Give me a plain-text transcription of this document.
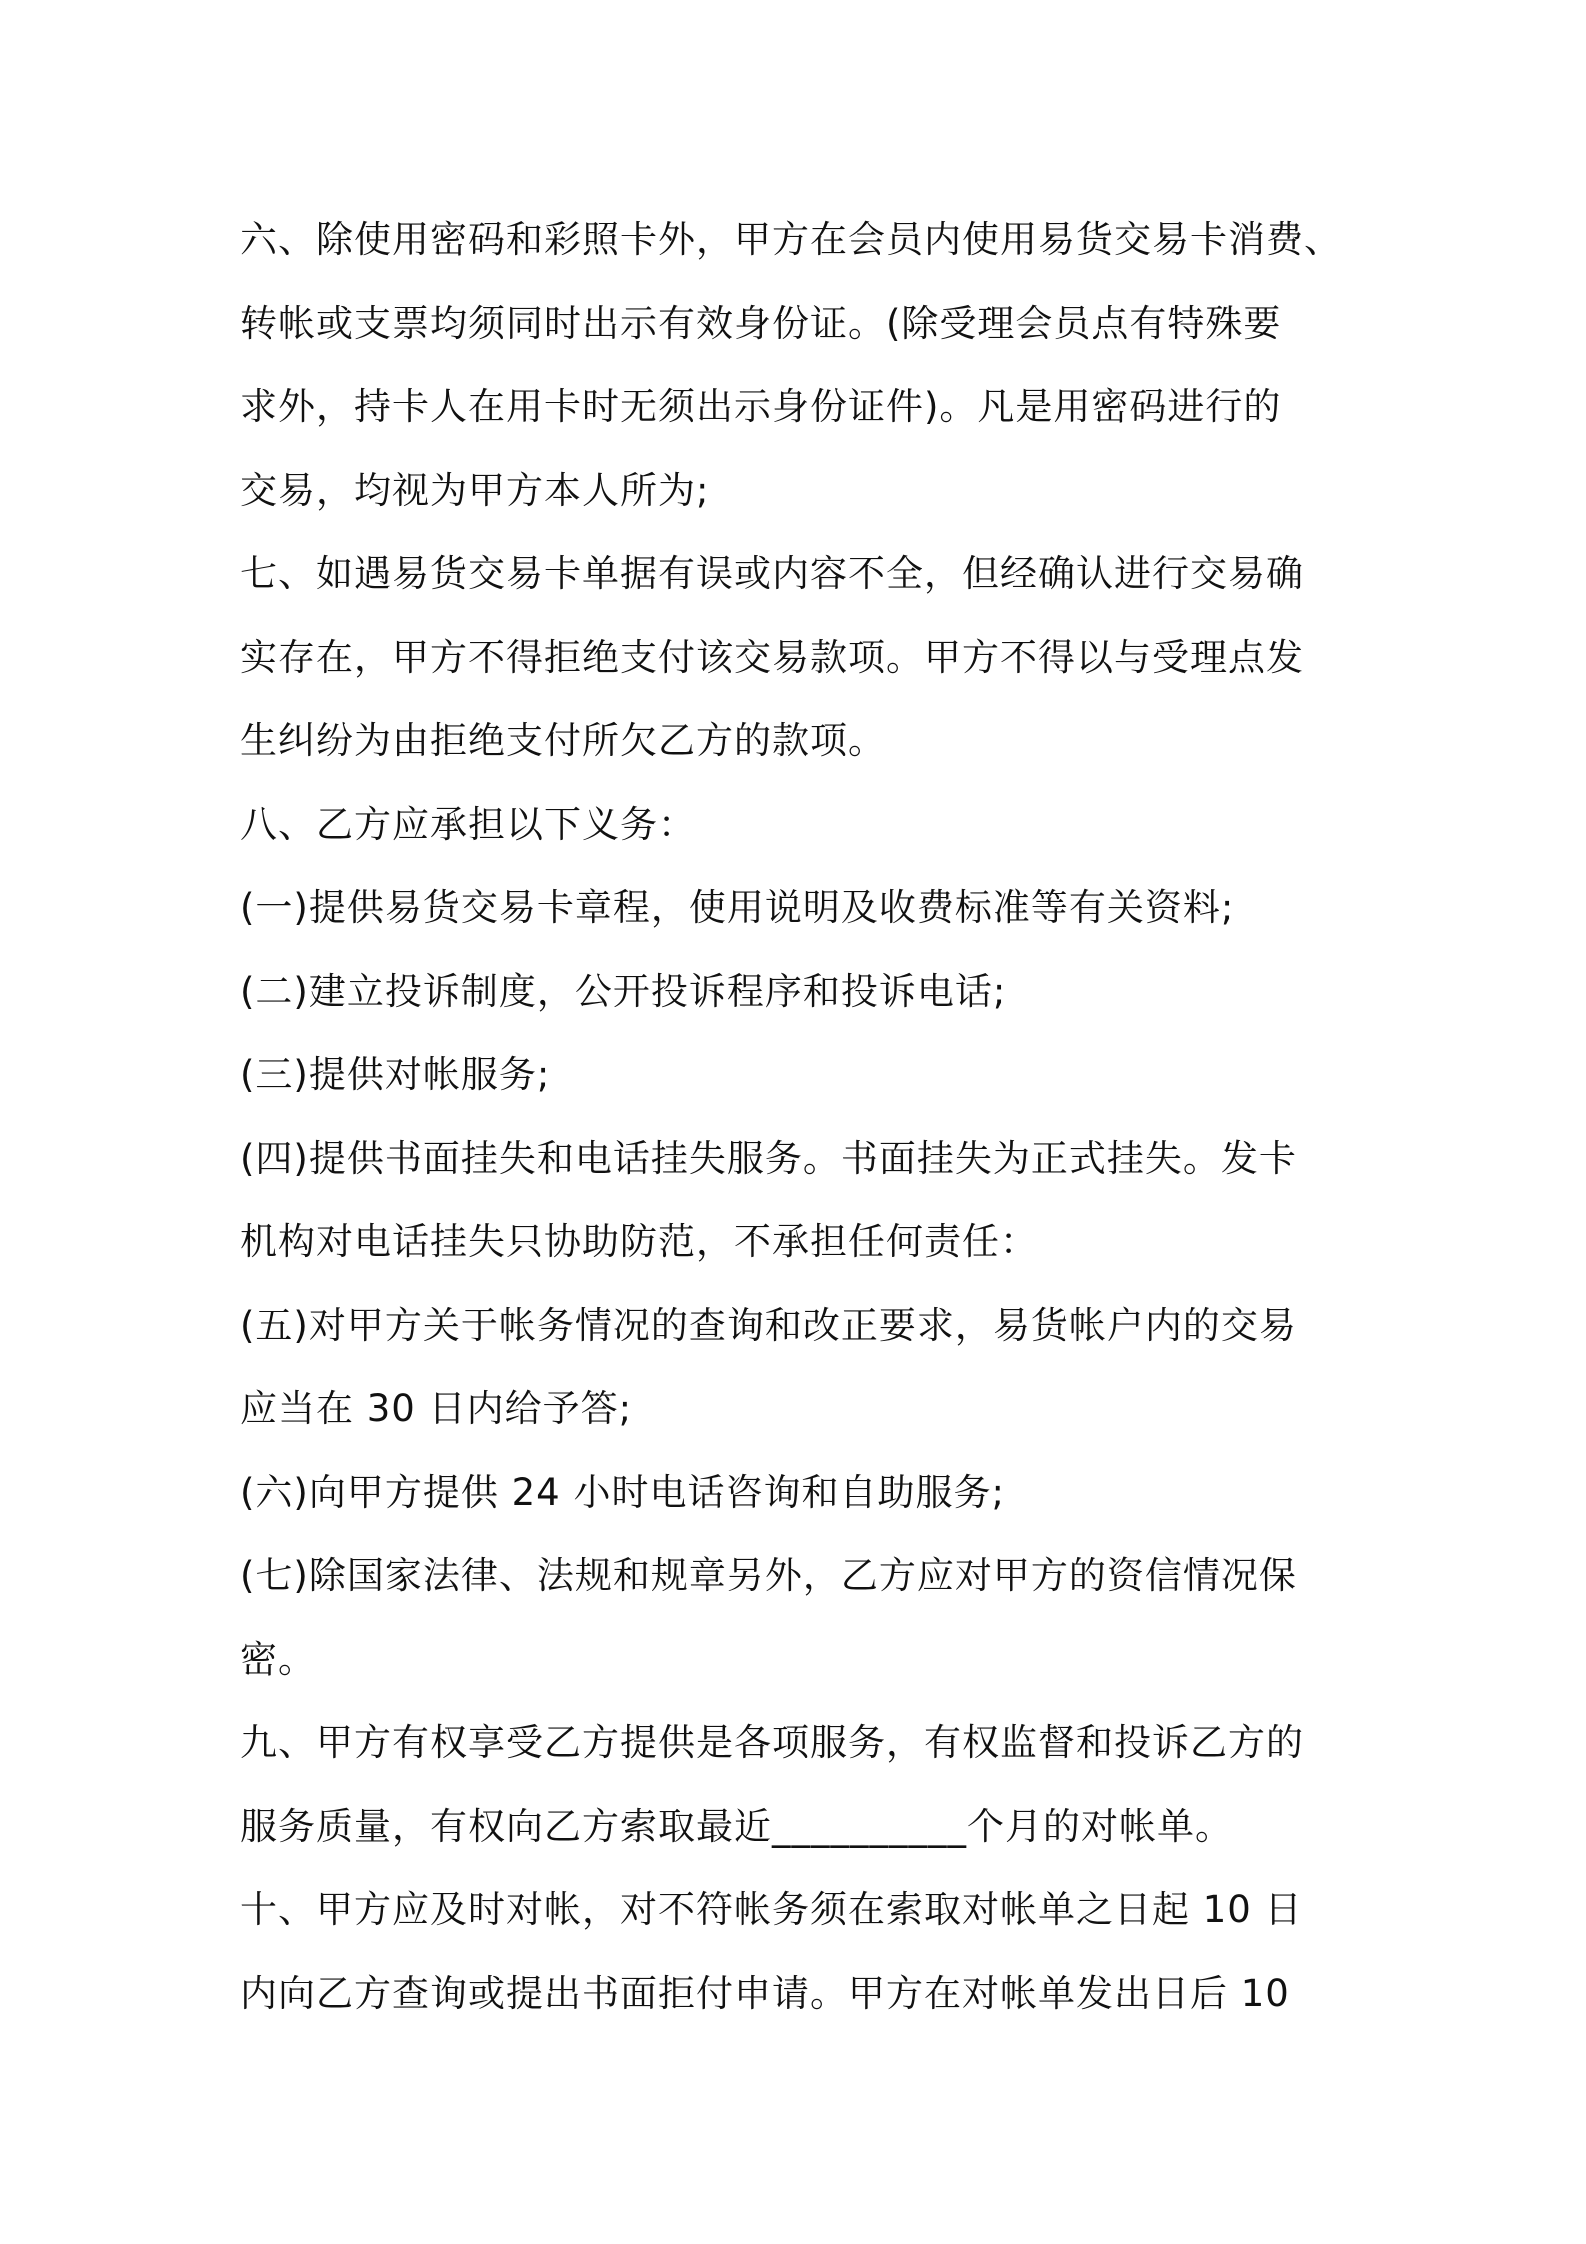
六、除使用密码和彩照卡外，甲方在会员内使用易货交易卡消费、
转帐或支票均须同时出示有效身份证。(除受理会员点有特殊要
求外，持卡人在用卡时无须出示身份证件)。凡是用密码进行的
交易，均视为甲方本人所为;
七、如遇易货交易卡单据有误或内容不全，但经确认进行交易确
实存在，甲方不得拒绝支付该交易款项。甲方不得以与受理点发
生纠纷为由拒绝支付所欠乙方的款项。
八、乙方应承担以下义务：
(一)提供易货交易卡章程，使用说明及收费标准等有关资料;
(二)建立投诉制度，公开投诉程序和投诉电话;
(三)提供对帐服务;
(四)提供书面挂失和电话挂失服务。书面挂失为正式挂失。发卡
机构对电话挂失只协助防范，不承担任何责任：
(五)对甲方关于帐务情况的查询和改正要求，易货帐户内的交易
应当在 30 日内给予答;
(六)向甲方提供 24 小时电话咨询和自助服务;
(七)除国家法律、法规和规章另外，乙方应对甲方的资信情况保
密。
九、甲方有权享受乙方提供是各项服务，有权监督和投诉乙方的
服务质量，有权向乙方索取最近__________个月的对帐单。
十、甲方应及时对帐，对不符帐务须在索取对帐单之日起 10 日
内向乙方查询或提出书面拒付申请。甲方在对帐单发出日后 10
